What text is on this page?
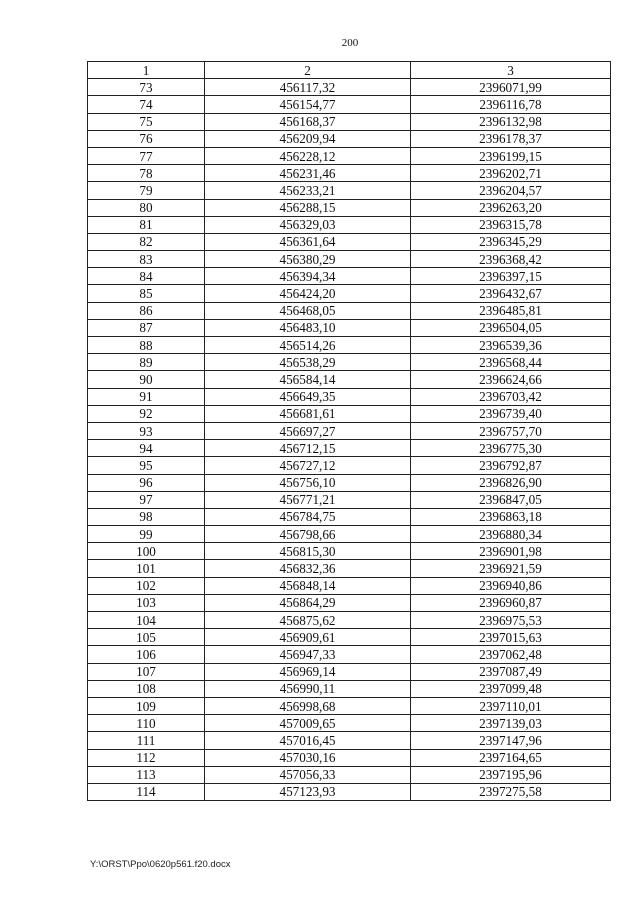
200
1	2	3
73	456117,32	2396071,99
74	456154,77	2396116,78
75	456168,37	2396132,98
76	456209,94	2396178,37
77	456228,12	2396199,15
78	456231,46	2396202,71
79	456233,21	2396204,57
80	456288,15	2396263,20
81	456329,03	2396315,78
82	456361,64	2396345,29
83	456380,29	2396368,42
84	456394,34	2396397,15
85	456424,20	2396432,67
86	456468,05	2396485,81
87	456483,10	2396504,05
88	456514,26	2396539,36
89	456538,29	2396568,44
90	456584,14	2396624,66
91	456649,35	2396703,42
92	456681,61	2396739,40
93	456697,27	2396757,70
94	456712,15	2396775,30
95	456727,12	2396792,87
96	456756,10	2396826,90
97	456771,21	2396847,05
98	456784,75	2396863,18
99	456798,66	2396880,34
100	456815,30	2396901,98
101	456832,36	2396921,59
102	456848,14	2396940,86
103	456864,29	2396960,87
104	456875,62	2396975,53
105	456909,61	2397015,63
106	456947,33	2397062,48
107	456969,14	2397087,49
108	456990,11	2397099,48
109	456998,68	2397110,01
110	457009,65	2397139,03
111	457016,45	2397147,96
112	457030,16	2397164,65
113	457056,33	2397195,96
114	457123,93	2397275,58
Y:\ORST\Ppo\0620p561.f20.docx
